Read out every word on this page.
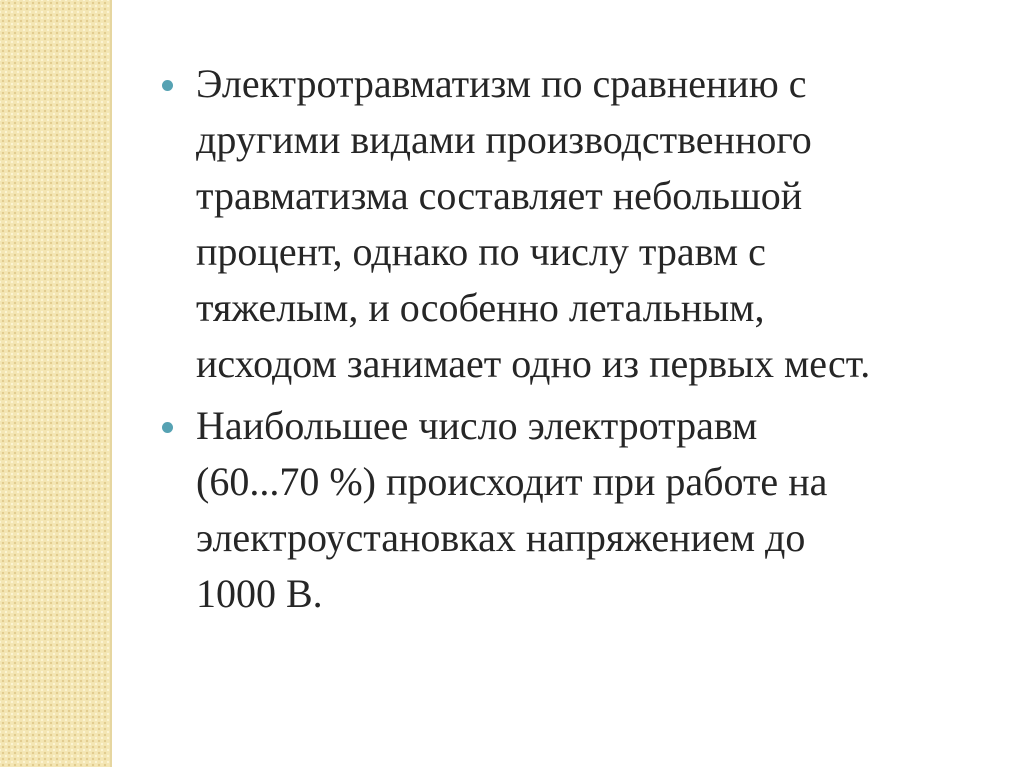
Электротравматизм по сравнению с
другими видами производственного
травматизма составляет небольшой
процент, однако по числу травм с
тяжелым, и особенно летальным,
исходом занимает одно из первых мест.
Наибольшее число электротравм
(60...70 %) происходит при работе на
электроустановках напряжением до
1000 В.
